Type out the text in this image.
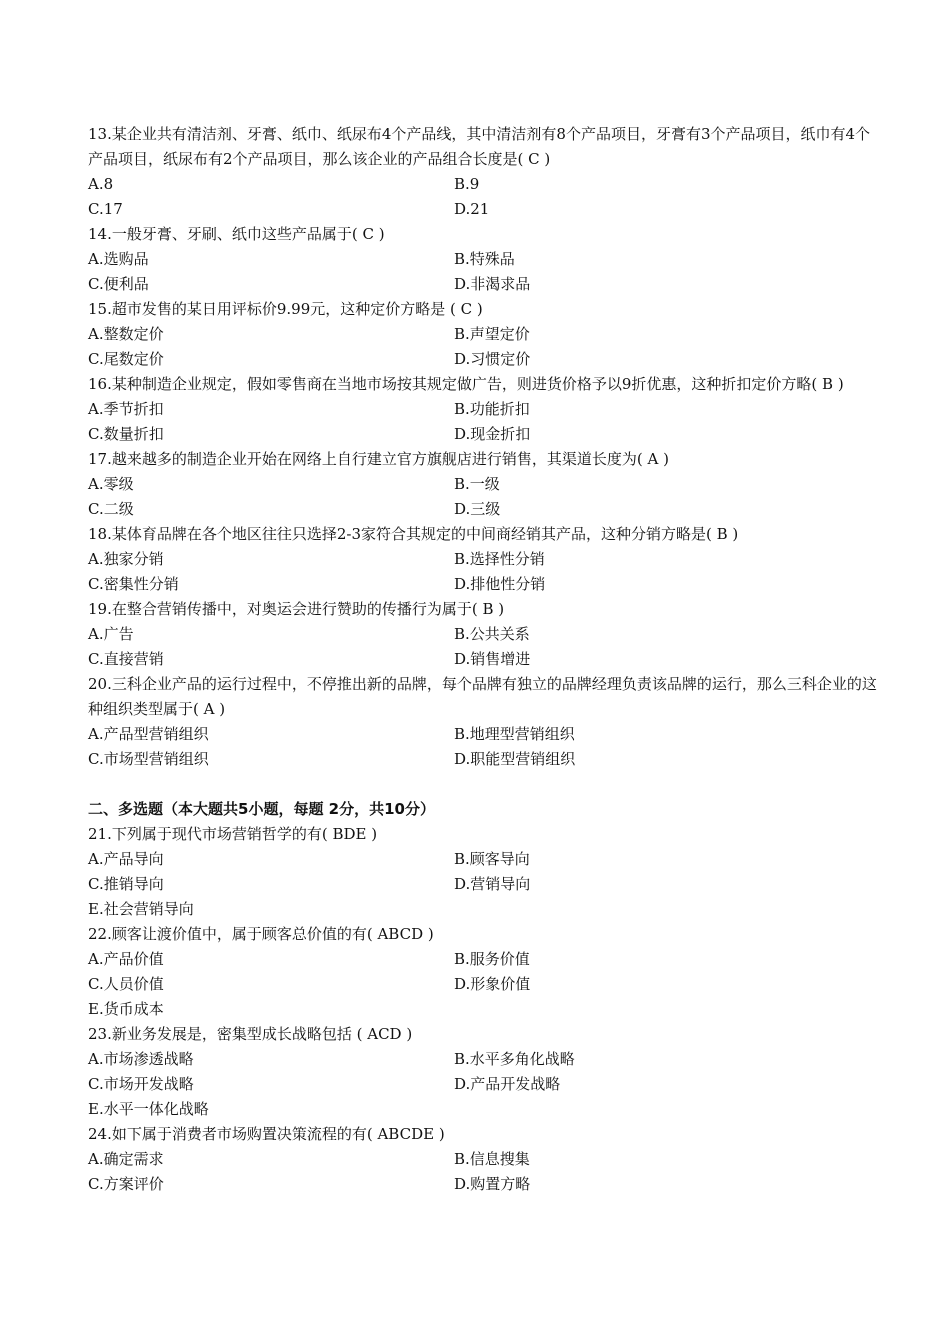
13.某企业共有清洁剂、牙膏、纸巾、纸尿布4个产品线，其中清洁剂有8个产品项目，牙膏有3个产品项目，纸巾有4个产品项目，纸尿布有2个产品项目，那么该企业的产品组合长度是( C )

A.8	B.9
C.17	D.21

14.一般牙膏、牙刷、纸巾这些产品属于( C )

A.选购品	B.特殊品
C.便利品	D.非渴求品

15.超市发售的某日用评标价9.99元，这种定价方略是 ( C )

A.整数定价	B.声望定价
C.尾数定价	D.习惯定价

16.某种制造企业规定，假如零售商在当地市场按其规定做广告，则进货价格予以9折优惠，这种折扣定价方略( B )

A.季节折扣	B.功能折扣
C.数量折扣	D.现金折扣

17.越来越多的制造企业开始在网络上自行建立官方旗舰店进行销售，其渠道长度为( A )

A.零级	B.一级
C.二级	D.三级

18.某体育品牌在各个地区往往只选择2-3家符合其规定的中间商经销其产品，这种分销方略是( B )

A.独家分销	B.选择性分销
C.密集性分销	D.排他性分销

19.在整合营销传播中，对奥运会进行赞助的传播行为属于( B )

A.广告	B.公共关系
C.直接营销	D.销售增进

20.三科企业产品的运行过程中，不停推出新的品牌，每个品牌有独立的品牌经理负责该品牌的运行，那么三科企业的这种组织类型属于( A )

A.产品型营销组织	B.地理型营销组织
C.市场型营销组织	D.职能型营销组织
二、多选题（本大题共5小题，每题 2分，共10分）

21.下列属于现代市场营销哲学的有( BDE )

A.产品导向	B.顾客导向
C.推销导向	D.营销导向
E.社会营销导向

22.顾客让渡价值中，属于顾客总价值的有( ABCD )

A.产品价值	B.服务价值
C.人员价值	D.形象价值
E.货币成本

23.新业务发展是，密集型成长战略包括 ( ACD )

A.市场渗透战略	B.水平多角化战略
C.市场开发战略	D.产品开发战略
E.水平一体化战略

24.如下属于消费者市场购置决策流程的有( ABCDE )

A.确定需求	B.信息搜集
C.方案评价	D.购置方略
